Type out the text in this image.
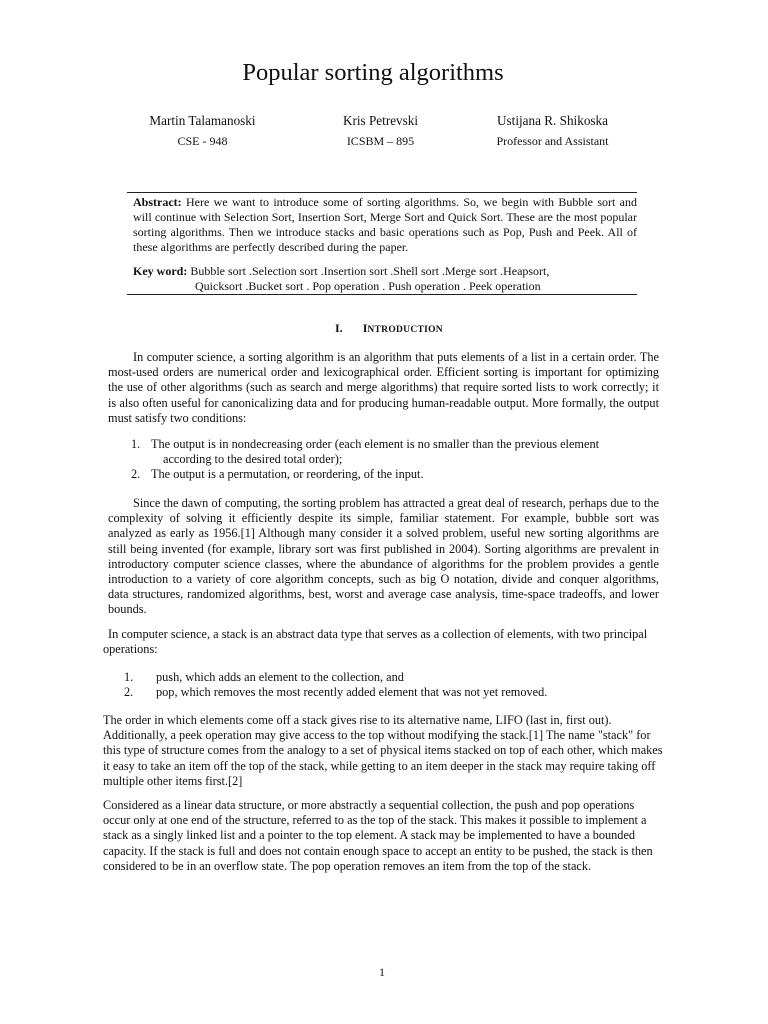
Popular sorting algorithms
Martin Talamanoski
CSE - 948
Kris Petrevski
ICSBM – 895
Ustijana R. Shikoska
Professor and Assistant
Abstract: Here we want to introduce some of sorting algorithms. So, we begin with Bubble sort and will continue with Selection Sort, Insertion Sort, Merge Sort and Quick Sort. These are the most popular sorting algorithms. Then we introduce stacks and basic operations such as Pop, Push and Peek. All of these algorithms are perfectly described during the paper.
Key word: Bubble sort .Selection sort .Insertion sort .Shell sort .Merge sort .Heapsort,
Quicksort .Bucket sort . Pop operation . Push operation . Peek operation
I. INTRODUCTION
In computer science, a sorting algorithm is an algorithm that puts elements of a list in a certain order. The most-used orders are numerical order and lexicographical order. Efficient sorting is important for optimizing the use of other algorithms (such as search and merge algorithms) that require sorted lists to work correctly; it is also often useful for canonicalizing data and for producing human-readable output. More formally, the output must satisfy two conditions:
1. The output is in nondecreasing order (each element is no smaller than the previous element
according to the desired total order);
2. The output is a permutation, or reordering, of the input.
Since the dawn of computing, the sorting problem has attracted a great deal of research, perhaps due to the complexity of solving it efficiently despite its simple, familiar statement. For example, bubble sort was analyzed as early as 1956.[1] Although many consider it a solved problem, useful new sorting algorithms are still being invented (for example, library sort was first published in 2004). Sorting algorithms are prevalent in introductory computer science classes, where the abundance of algorithms for the problem provides a gentle introduction to a variety of core algorithm concepts, such as big O notation, divide and conquer algorithms, data structures, randomized algorithms, best, worst and average case analysis, time-space tradeoffs, and lower bounds.
In computer science, a stack is an abstract data type that serves as a collection of elements, with two principal operations:
1.	push, which adds an element to the collection, and
2.	pop, which removes the most recently added element that was not yet removed.
The order in which elements come off a stack gives rise to its alternative name, LIFO (last in, first out). Additionally, a peek operation may give access to the top without modifying the stack.[1] The name "stack" for this type of structure comes from the analogy to a set of physical items stacked on top of each other, which makes it easy to take an item off the top of the stack, while getting to an item deeper in the stack may require taking off multiple other items first.[2]
Considered as a linear data structure, or more abstractly a sequential collection, the push and pop operations occur only at one end of the structure, referred to as the top of the stack. This makes it possible to implement a stack as a singly linked list and a pointer to the top element. A stack may be implemented to have a bounded capacity. If the stack is full and does not contain enough space to accept an entity to be pushed, the stack is then considered to be in an overflow state. The pop operation removes an item from the top of the stack.
1
